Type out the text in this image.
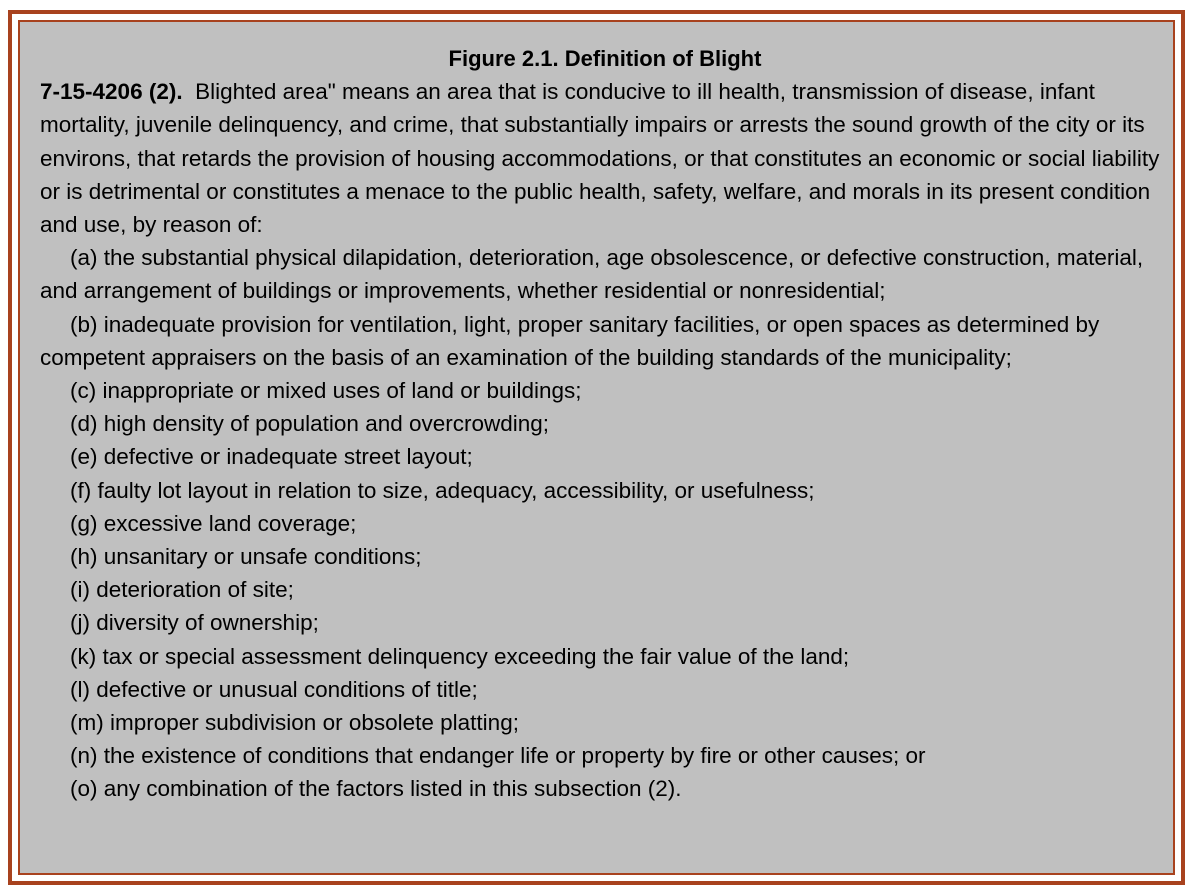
Figure 2.1. Definition of Blight

7-15-4206 (2). Blighted area" means an area that is conducive to ill health, transmission of disease, infant mortality, juvenile delinquency, and crime, that substantially impairs or arrests the sound growth of the city or its environs, that retards the provision of housing accommodations, or that constitutes an economic or social liability or is detrimental or constitutes a menace to the public health, safety, welfare, and morals in its present condition and use, by reason of:

(a) the substantial physical dilapidation, deterioration, age obsolescence, or defective construction, material, and arrangement of buildings or improvements, whether residential or nonresidential;

(b) inadequate provision for ventilation, light, proper sanitary facilities, or open spaces as determined by competent appraisers on the basis of an examination of the building standards of the municipality;

(c) inappropriate or mixed uses of land or buildings;

(d) high density of population and overcrowding;

(e) defective or inadequate street layout;

(f) faulty lot layout in relation to size, adequacy, accessibility, or usefulness;

(g) excessive land coverage;

(h) unsanitary or unsafe conditions;

(i) deterioration of site;

(j) diversity of ownership;

(k) tax or special assessment delinquency exceeding the fair value of the land;

(l) defective or unusual conditions of title;

(m) improper subdivision or obsolete platting;

(n) the existence of conditions that endanger life or property by fire or other causes; or

(o) any combination of the factors listed in this subsection (2).
